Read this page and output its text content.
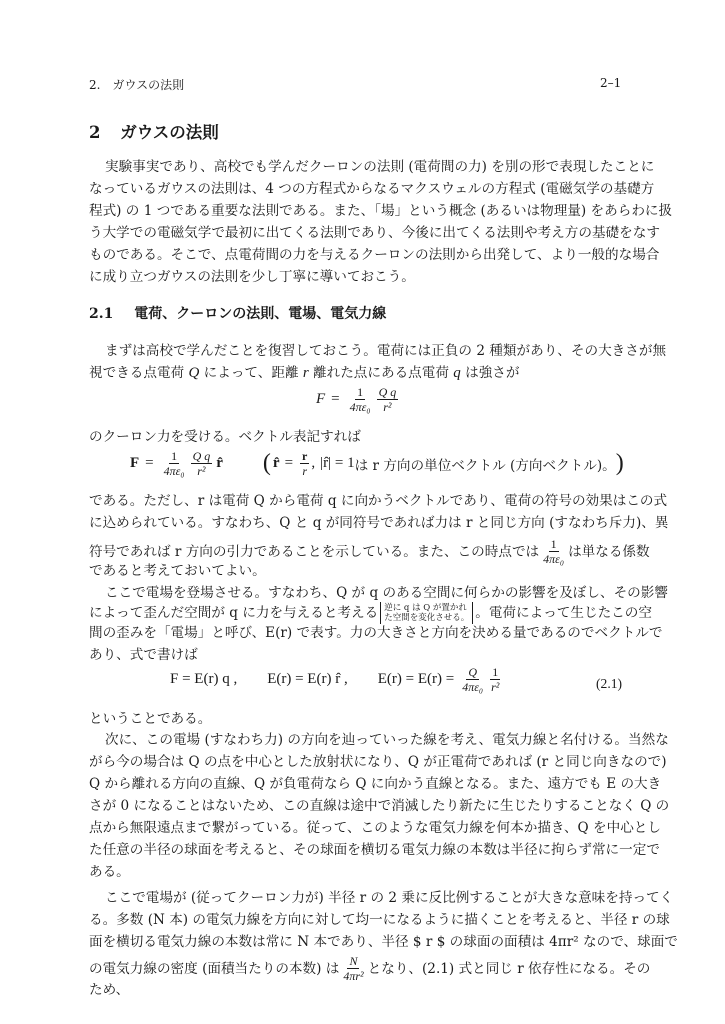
2.　ガウスの法則	2–1
2 ガウスの法則
実験事実であり、高校でも学んだクーロンの法則 (電荷間の力) を別の形で表現したことに
なっているガウスの法則は、4 つの方程式からなるマクスウェルの方程式 (電磁気学の基礎方
程式) の 1 つである重要な法則である。また、「場」という概念 (あるいは物理量) をあらわに扱
う大学での電磁気学で最初に出てくる法則であり、今後に出てくる法則や考え方の基礎をなす
ものである。そこで、点電荷間の力を与えるクーロンの法則から出発して、より一般的な場合
に成り立つガウスの法則を少し丁寧に導いておこう。
2.1 電荷、クーロンの法則、電場、電気力線
まずは高校で学んだことを復習しておこう。電荷には正負の 2 種類があり、その大きさが無
視できる点電荷 Q によって、距離 r 離れた点にある点電荷 q は強さが
$F = \frac{1}{\text{4πε₀}} \frac{\text{Q q}}{\text{r²}}$
のクーロン力を受ける。ベクトル表記すれば
$F = \frac{1}{\text{4πε₀}} \frac{\text{Q q}}{\text{r²}}$ r̂ ( r̂ = $\frac{r}{r}$ , |r̂| = 1 は r 方向の単位ベクトル (方向ベクトル)。 )
である。ただし、r は電荷 Q から電荷 q に向かうベクトルであり、電荷の符号の効果はこの式
に込められている。すなわち、Q と q が同符号であれば力は r と同じ方向 (すなわち斥力)、異
符号であれば r 方向の引力であることを示している。また、この時点では $\frac{1}{\text{4πε₀}}$ は単なる係数
であると考えておいてよい。
ここで電場を登場させる。すなわち、Q が q のある空間に何らかの影響を及ぼし、その影響
によって歪んだ空間が q に力を与えると考える 逆に q は Q が置かれ
た空間を変化させる。 。電荷によって生じたこの空
間の歪みを「電場」と呼び、E(r) で表す。力の大きさと方向を決める量であるのでベクトルで
あり、式で書けば
F = E(r) q , E(r) = E(r) r̂ , $E(r) = E(r) = \frac{Q}{\text{4πε₀}} \frac{1}{\text{r²}}$	(2.1)
ということである。
次に、この電場 (すなわち力) の方向を辿っていった線を考え、電気力線と名付ける。当然な
がら今の場合は Q の点を中心とした放射状になり、Q が正電荷であれば (r と同じ向きなので)
Q から離れる方向の直線、Q が負電荷なら Q に向かう直線となる。また、遠方でも E の大き
さが 0 になることはないため、この直線は途中で消滅したり新たに生じたりすることなく Q の
点から無限遠点まで繋がっている。従って、このような電気力線を何本か描き、Q を中心とし
た任意の半径の球面を考えると、その球面を横切る電気力線の本数は半径に拘らず常に一定で
ある。
ここで電場が (従ってクーロン力が) 半径 r の 2 乗に反比例することが大きな意味を持ってく
る。多数 (N 本) の電気力線を方向に対して均一になるように描くことを考えると、半径 r の球
面を横切る電気力線の本数は常に N 本であり、半径 $ r $ の球面の面積は 4πr² なので、球面で
の電気力線の密度 (面積当たりの本数) は $\frac{N}{\text{4πr²}}$ となり、(2.1) 式と同じ r 依存性になる。その
ため、
